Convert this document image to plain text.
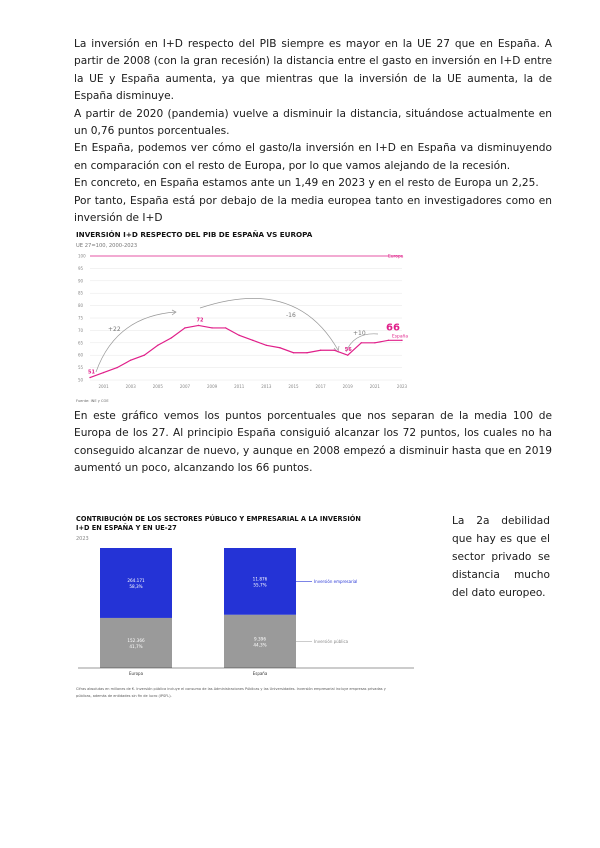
La inversión en I+D respecto del PIB siempre es mayor en la UE 27 que en España. A partir de 2008 (con la gran recesión) la distancia entre el gasto en inversión en I+D entre la UE y España aumenta, ya que mientras que la inversión de la UE aumenta, la de España disminuye.

A partir de 2020 (pandemia) vuelve a disminuir la distancia, situándose actualmente en un 0,76 puntos porcentuales.

En España, podemos ver cómo el gasto/la inversión en I+D en España va disminuyendo en comparación con el resto de Europa, por lo que vamos alejando de la recesión.

En concreto, en España estamos ante un 1,49 en 2023 y en el resto de Europa un 2,25.

Por tanto, España está por debajo de la media europea tanto en investigadores como en inversión de I+D

INVERSIÓN I+D RESPECTO DEL PIB DE ESPAÑA VS EUROPA
UE 27=100, 2000-2023
100
95
90
85
80
75
70
65
60
55
50
2001	2003	2005	2007	2009	2011	2013	2015	2017	2019	2021	2023
Europa
España
+22
-16
+10
51
72
56
66
Fuente: INE y COE

En este gráfico vemos los puntos porcentuales que nos separan de la media 100 de Europa de los 27. Al principio España consiguió alcanzar los 72 puntos, los cuales no ha conseguido alcanzar de nuevo, y aunque en 2008 empezó a disminuir hasta que en 2019 aumentó un poco, alcanzando los 66 puntos.

CONTRIBUCIÓN DE LOS SECTORES PÚBLICO Y EMPRESARIAL A LA INVERSIÓN
I+D EN ESPAÑA Y EN UE-27
2023
Inversión empresarial
Inversión pública
264.171
58,3%
11.876
55,7%
152.366
41,7%
9.396
44,3%
Europa	España
Cifras absolutas en millones de €. Inversión pública incluye el consumo de las Administraciones Públicas y las Universidades. Inversión empresarial incluye empresas privadas y
públicas, además de entidades sin fin de lucro (IPSFL).

La 2a debilidad que hay es que el sector privado se distancia mucho del dato europeo.
